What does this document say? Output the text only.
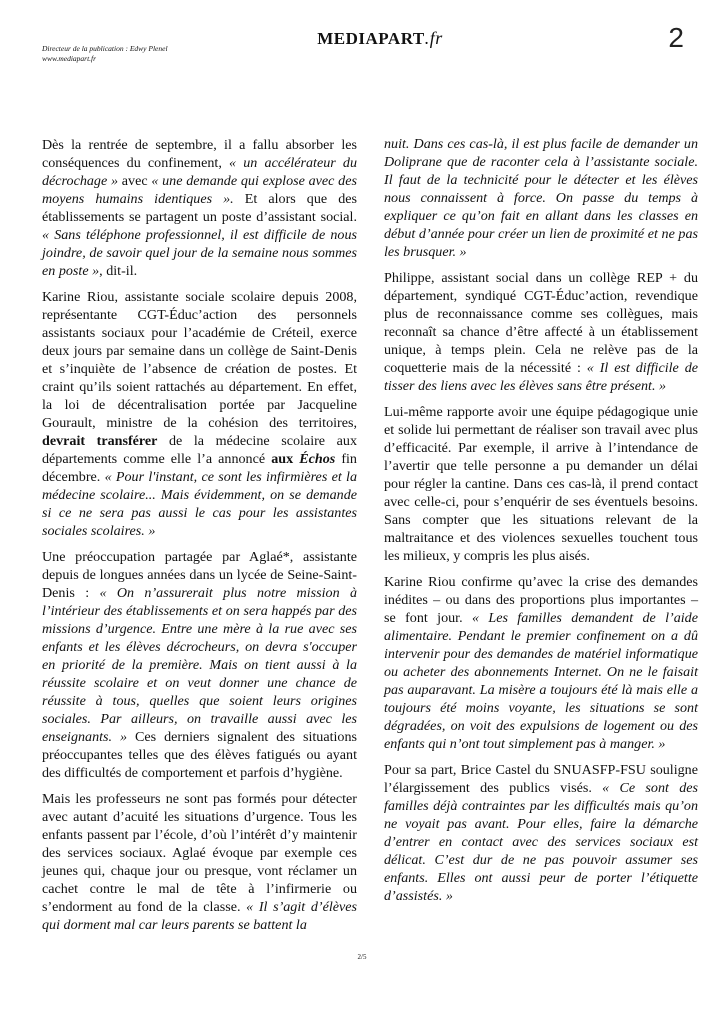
Directeur de la publication : Edwy Plenel
www.mediapart.fr
MEDIAPART.fr	2

Dès la rentrée de septembre, il a fallu absorber les conséquences du confinement, « un accélérateur du décrochage » avec « une demande qui explose avec des moyens humains identiques ». Et alors que des établissements se partagent un poste d’assistant social. « Sans téléphone professionnel, il est difficile de nous joindre, de savoir quel jour de la semaine nous sommes en poste », dit-il.

Karine Riou, assistante sociale scolaire depuis 2008, représentante CGT-Éduc’action des personnels assistants sociaux pour l’académie de Créteil, exerce deux jours par semaine dans un collège de Saint-Denis et s’inquiète de l’absence de création de postes. Et craint qu’ils soient rattachés au département. En effet, la loi de décentralisation portée par Jacqueline Gourault, ministre de la cohésion des territoires, devrait transférer de la médecine scolaire aux départements comme elle l’a annoncé aux Échos fin décembre. « Pour l'instant, ce sont les infirmières et la médecine scolaire... Mais évidemment, on se demande si ce ne sera pas aussi le cas pour les assistantes sociales scolaires. »

Une préoccupation partagée par Aglaé*, assistante depuis de longues années dans un lycée de Seine-Saint-Denis : « On n’assurerait plus notre mission à l’intérieur des établissements et on sera happés par des missions d’urgence. Entre une mère à la rue avec ses enfants et les élèves décrocheurs, on devra s'occuper en priorité de la première. Mais on tient aussi à la réussite scolaire et on veut donner une chance de réussite à tous, quelles que soient leurs origines sociales. Par ailleurs, on travaille aussi avec les enseignants. » Ces derniers signalent des situations préoccupantes telles que des élèves fatigués ou ayant des difficultés de comportement et parfois d’hygiène.

Mais les professeurs ne sont pas formés pour détecter avec autant d’acuité les situations d’urgence. Tous les enfants passent par l’école, d’où l’intérêt d’y maintenir des services sociaux. Aglaé évoque par exemple ces jeunes qui, chaque jour ou presque, vont réclamer un cachet contre le mal de tête à l’infirmerie ou s’endorment au fond de la classe. « Il s’agit d’élèves qui dorment mal car leurs parents se battent la

nuit. Dans ces cas-là, il est plus facile de demander un Doliprane que de raconter cela à l’assistante sociale. Il faut de la technicité pour le détecter et les élèves nous connaissent à force. On passe du temps à expliquer ce qu’on fait en allant dans les classes en début d’année pour créer un lien de proximité et ne pas les brusquer. »

Philippe, assistant social dans un collège REP + du département, syndiqué CGT-Éduc’action, revendique plus de reconnaissance comme ses collègues, mais reconnaît sa chance d’être affecté à un établissement unique, à temps plein. Cela ne relève pas de la coquetterie mais de la nécessité : « Il est difficile de tisser des liens avec les élèves sans être présent. »

Lui-même rapporte avoir une équipe pédagogique unie et solide lui permettant de réaliser son travail avec plus d’efficacité. Par exemple, il arrive à l’intendance de l’avertir que telle personne a pu demander un délai pour régler la cantine. Dans ces cas-là, il prend contact avec celle-ci, pour s’enquérir de ses éventuels besoins. Sans compter que les situations relevant de la maltraitance et des violences sexuelles touchent tous les milieux, y compris les plus aisés.

Karine Riou confirme qu’avec la crise des demandes inédites – ou dans des proportions plus importantes – se font jour. « Les familles demandent de l’aide alimentaire. Pendant le premier confinement on a dû intervenir pour des demandes de matériel informatique ou acheter des abonnements Internet. On ne le faisait pas auparavant. La misère a toujours été là mais elle a toujours été moins voyante, les situations se sont dégradées, on voit des expulsions de logement ou des enfants qui n’ont tout simplement pas à manger. »

Pour sa part, Brice Castel du SNUASFP-FSU souligne l’élargissement des publics visés. « Ce sont des familles déjà contraintes par les difficultés mais qu’on ne voyait pas avant. Pour elles, faire la démarche d’entrer en contact avec des services sociaux est délicat. C’est dur de ne pas pouvoir assumer ses enfants. Elles ont aussi peur de porter l’étiquette d’assistés. »

2/5
